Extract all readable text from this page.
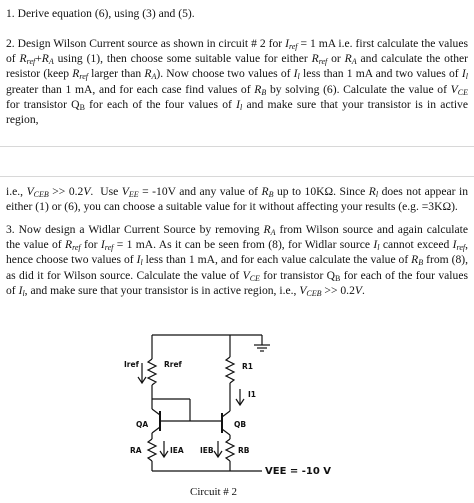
1. Derive equation (6), using (3) and (5).

2. Design Wilson Current source as shown in circuit # 2 for $I_{ref} = 1$ mA i.e. first calculate the values of $R_{ref}+R_A$ using (1), then choose some suitable value for either $R_{ref}$ or $R_A$ and calculate the other resistor (keep $R_{ref}$ larger than $R_A$). Now choose two values of $I_l$ less than 1 mA and two values of $I_l$ greater than 1 mA, and for each case find values of $R_B$ by solving (6). Calculate the value of $V_{CE}$ for transistor $Q_B$ for each of the four values of $I_l$ and make sure that your transistor is in active region,

i.e., $V_{CEB} >> 0.2V$.  Use $V_{EE} = -10V$ and any value of $R_B$ up to 10KΩ. Since $R_l$ does not appear in either (1) or (6), you can choose a suitable value for it without affecting your results (e.g. =3KΩ).

3. Now design a Widlar Current Source by removing $R_A$ from Wilson source and again calculate the value of $R_{ref}$ for $I_{ref} = 1$ mA. As it can be seen from (8), for Widlar source $I_l$ cannot exceed $I_{ref}$, hence choose two values of $I_l$ less than 1 mA, and for each value calculate the value of $R_B$ from (8), as did it for Wilson source. Calculate the value of $V_{CE}$ for transistor $Q_B$ for each of the four values of $I_l$, and make sure that your transistor is in active region, i.e., $V_{CEB} >> 0.2V$.

Iref	Rref	R1
I1
QA	QB
RA	IEA IEB	RB
VEE = -10 V
Circuit # 2
